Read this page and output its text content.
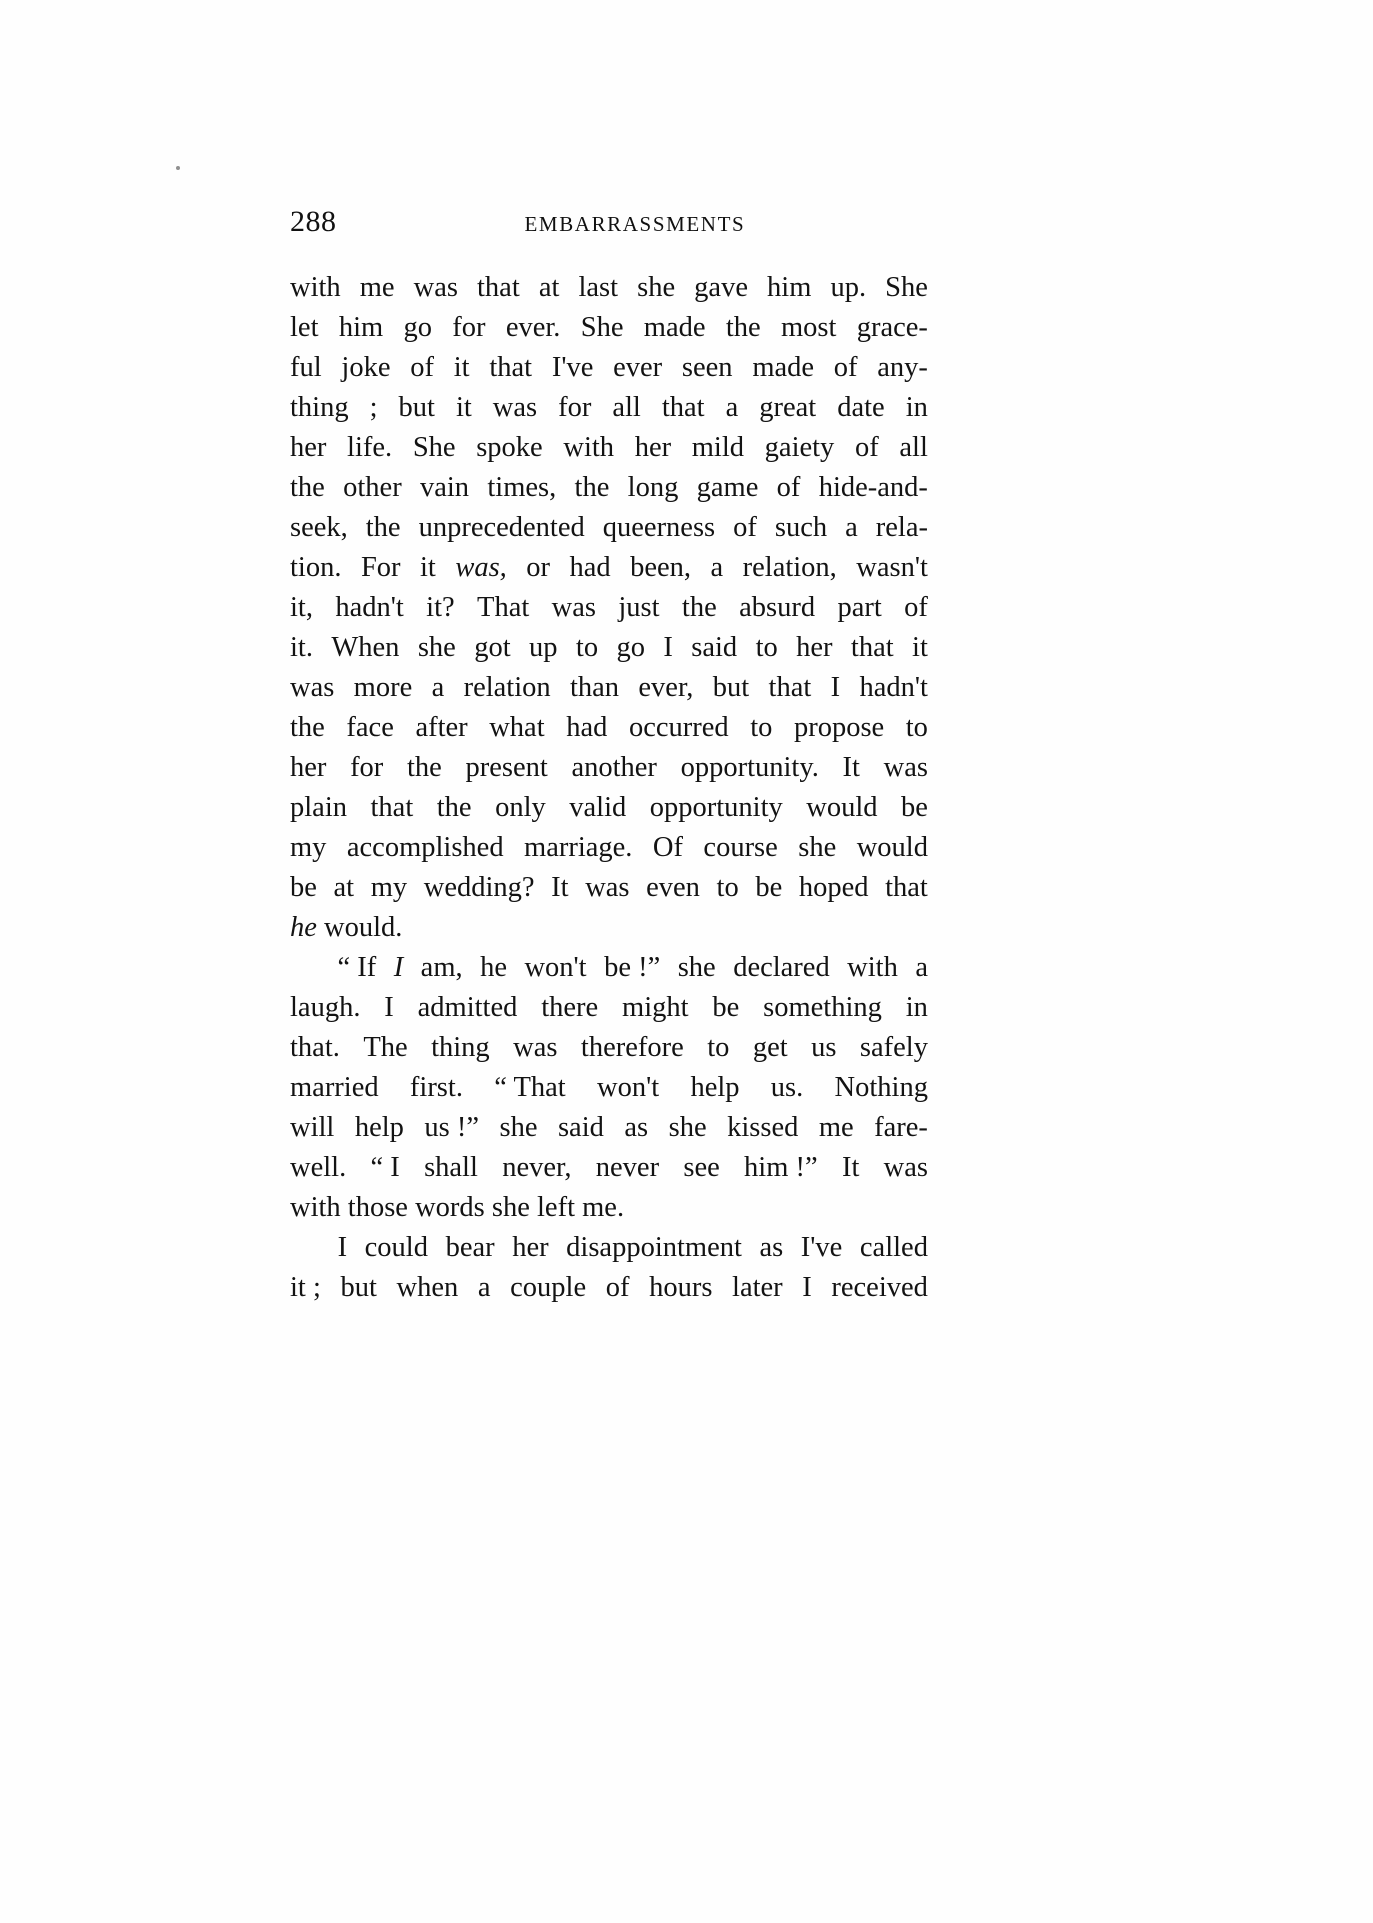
288	EMBARRASSMENTS
with me was that at last she gave him up. She
let him go for ever. She made the most grace-
ful joke of it that I've ever seen made of any-
thing ; but it was for all that a great date in
her life. She spoke with her mild gaiety of all
the other vain times, the long game of hide-and-
seek, the unprecedented queerness of such a rela-
tion. For it was, or had been, a relation, wasn't
it, hadn't it? That was just the absurd part of
it. When she got up to go I said to her that it
was more a relation than ever, but that I hadn't
the face after what had occurred to propose to
her for the present another opportunity. It was
plain that the only valid opportunity would be
my accomplished marriage. Of course she would
be at my wedding? It was even to be hoped that
he would.
“ If I am, he won't be !” she declared with a
laugh. I admitted there might be something in
that. The thing was therefore to get us safely
married first. “ That won't help us. Nothing
will help us !” she said as she kissed me fare-
well. “ I shall never, never see him !” It was
with those words she left me.
I could bear her disappointment as I've called
it ; but when a couple of hours later I received
